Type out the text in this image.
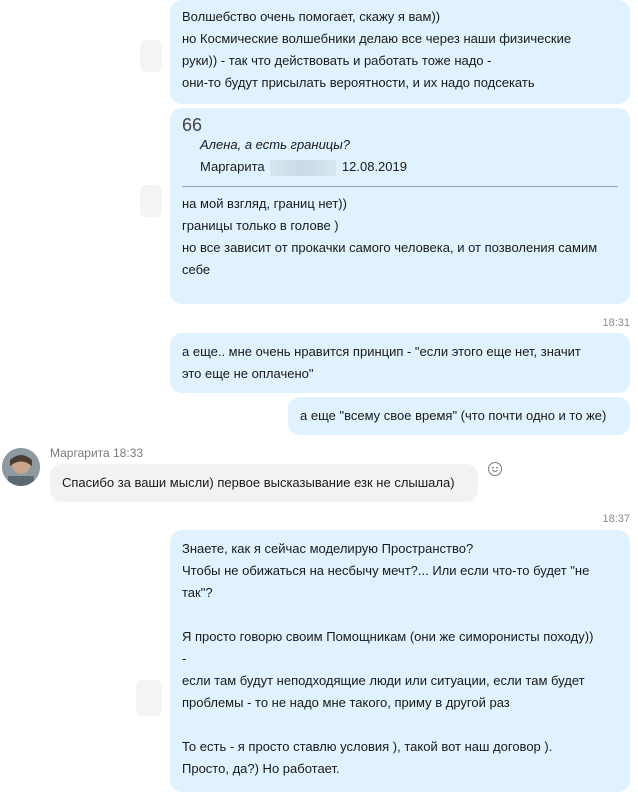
Волшебство очень помогает, скажу я вам))
но Космические волшебники делаю все через наши физические
руки)) - так что действовать и работать тоже надо -
они-то будут присылать вероятности, и их надо подсекать
66
Алена, а есть границы?
Маргарита	12.08.2019
на мой взгляд, границ нет))
границы только в голове )
но все зависит от прокачки самого человека, и от позволения самим
себе
18:31
а еще.. мне очень нравится принцип - "если этого еще нет, значит
это еще не оплачено"
а еще "всему свое время" (что почти одно и то же)
Маргарита 18:33
Спасибо за ваши мысли) первое высказывание езк не слышала)
18:37
Знаете, как я сейчас моделирую Пространство?
Чтобы не обижаться на несбычу мечт?... Или если что-то будет "не
так"?
Я просто говорю своим Помощникам (они же симоронисты походу))
-
если там будут неподходящие люди или ситуации, если там будет
проблемы - то не надо мне такого, приму в другой раз
То есть - я просто ставлю условия ), такой вот наш договор ).
Просто, да?) Но работает.
